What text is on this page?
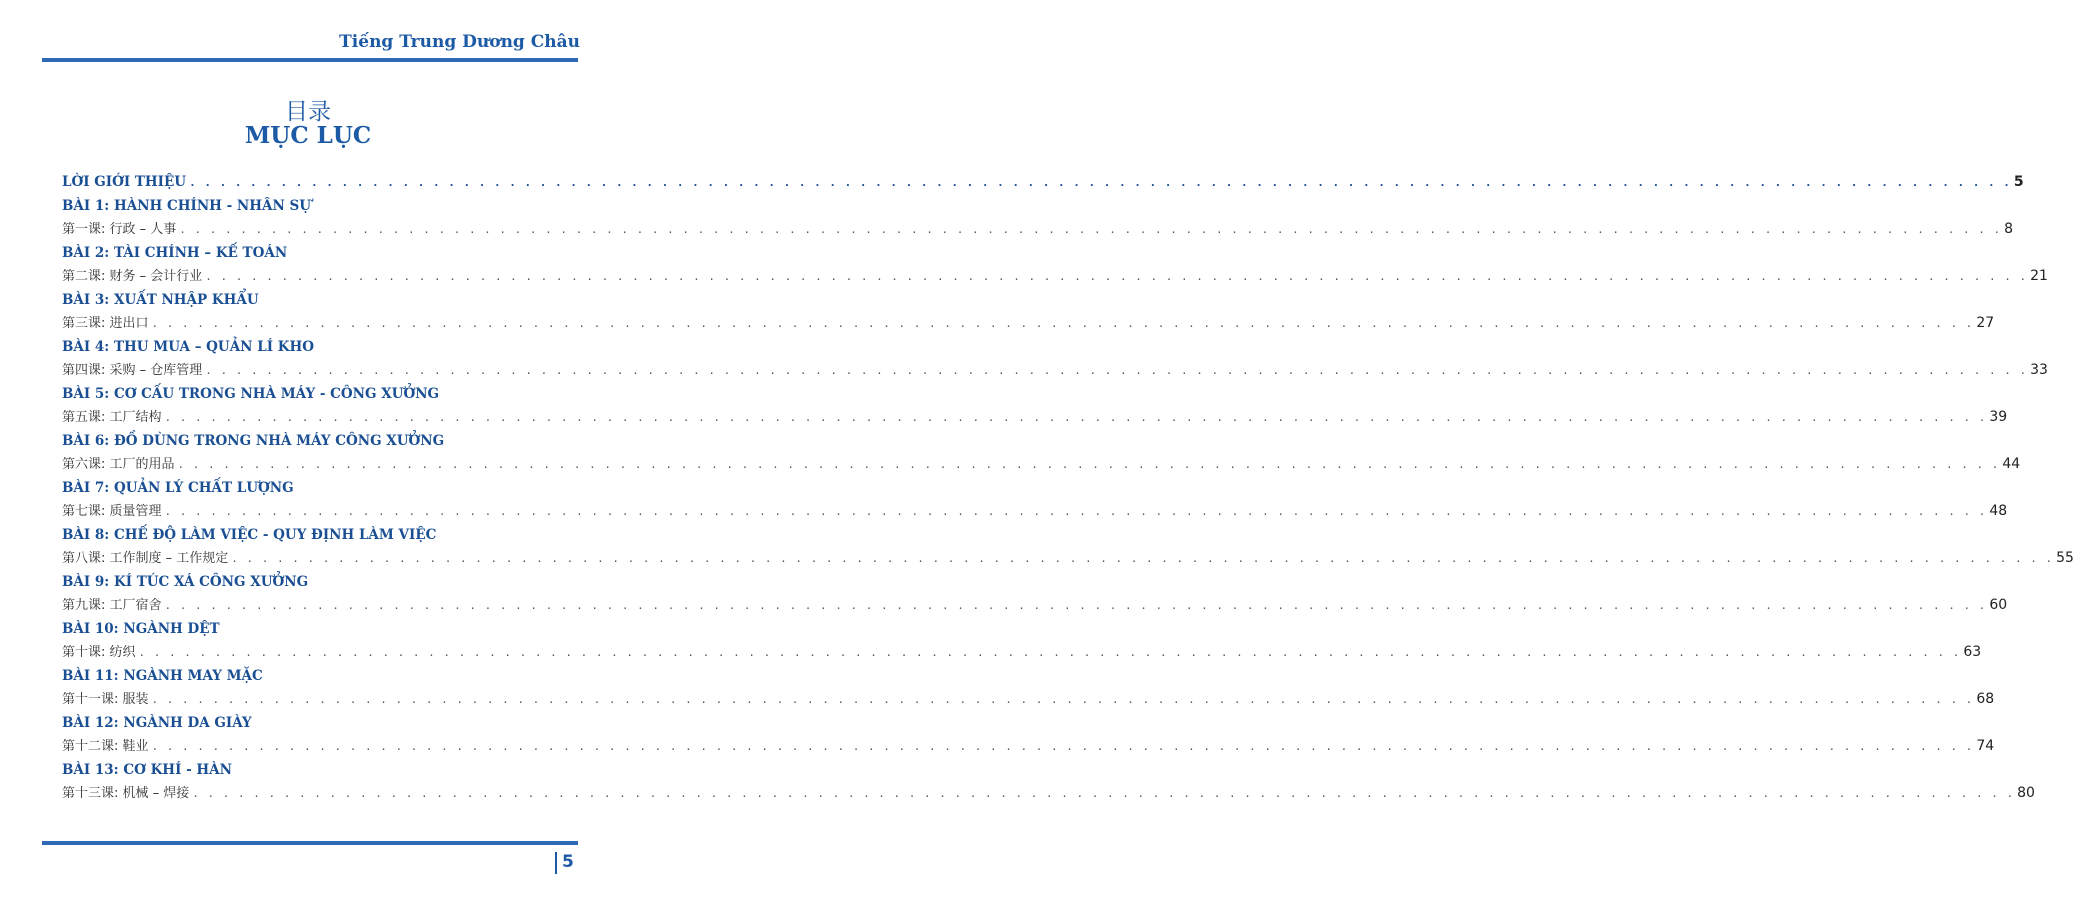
Tiếng Trung Dương Châu
目录
MỤC LỤC
LỜI GIỚI THIỆU . . . . . . . . . . . . . . . . . . . . . . . . . . . . . . . . . . . . . . . . . . . . . . . . . . . . . . . . . . . . . . . . . . . . . . . . . . . . . . . . . . . . . . . . . . . . . . . . . . . . . . . . . . . . . . . . . . . . . . . . 5
BÀI 1: HÀNH CHÍNH - NHÂN SỰ
第一课: 行政 – 人事 . . . . . . . . . . . . . . . . . . . . . . . . . . . . . . . . . . . . . . . . . . . . . . . . . . . . . . . . . . . . . . . . . . . . . . . . . . . . . . . . . . . . . . . . . . . . . . . . . . . . . . . . . . . . . . . . . . . . . . . . 8
BÀI 2: TÀI CHÍNH – KẾ TOÁN
第二课: 财务 – 会计行业 . . . . . . . . . . . . . . . . . . . . . . . . . . . . . . . . . . . . . . . . . . . . . . . . . . . . . . . . . . . . . . . . . . . . . . . . . . . . . . . . . . . . . . . . . . . . . . . . . . . . . . . . . . . . . . . . . . . . . . . . 21
BÀI 3: XUẤT NHẬP KHẨU
第三课: 进出口 . . . . . . . . . . . . . . . . . . . . . . . . . . . . . . . . . . . . . . . . . . . . . . . . . . . . . . . . . . . . . . . . . . . . . . . . . . . . . . . . . . . . . . . . . . . . . . . . . . . . . . . . . . . . . . . . . . . . . . . . 27
BÀI 4: THU MUA – QUẢN LÍ KHO
第四课: 采购 – 仓库管理 . . . . . . . . . . . . . . . . . . . . . . . . . . . . . . . . . . . . . . . . . . . . . . . . . . . . . . . . . . . . . . . . . . . . . . . . . . . . . . . . . . . . . . . . . . . . . . . . . . . . . . . . . . . . . . . . . . . . . . . . 33
BÀI 5: CƠ CẤU TRONG NHÀ MÁY - CÔNG XƯỞNG
第五课: 工厂结构 . . . . . . . . . . . . . . . . . . . . . . . . . . . . . . . . . . . . . . . . . . . . . . . . . . . . . . . . . . . . . . . . . . . . . . . . . . . . . . . . . . . . . . . . . . . . . . . . . . . . . . . . . . . . . . . . . . . . . . . . 39
BÀI 6: ĐỒ DÙNG TRONG NHÀ MÁY CÔNG XƯỞNG
第六课: 工厂的用品 . . . . . . . . . . . . . . . . . . . . . . . . . . . . . . . . . . . . . . . . . . . . . . . . . . . . . . . . . . . . . . . . . . . . . . . . . . . . . . . . . . . . . . . . . . . . . . . . . . . . . . . . . . . . . . . . . . . . . . . . 44
BÀI 7: QUẢN LÝ CHẤT LƯỢNG
第七课: 质量管理 . . . . . . . . . . . . . . . . . . . . . . . . . . . . . . . . . . . . . . . . . . . . . . . . . . . . . . . . . . . . . . . . . . . . . . . . . . . . . . . . . . . . . . . . . . . . . . . . . . . . . . . . . . . . . . . . . . . . . . . . 48
BÀI 8: CHẾ ĐỘ LÀM VIỆC - QUY ĐỊNH LÀM VIỆC
第八课: 工作制度 – 工作规定 . . . . . . . . . . . . . . . . . . . . . . . . . . . . . . . . . . . . . . . . . . . . . . . . . . . . . . . . . . . . . . . . . . . . . . . . . . . . . . . . . . . . . . . . . . . . . . . . . . . . . . . . . . . . . . . . . . . . . . . . 55
BÀI 9: KÍ TÚC XÁ CÔNG XƯỞNG
第九课: 工厂宿舍 . . . . . . . . . . . . . . . . . . . . . . . . . . . . . . . . . . . . . . . . . . . . . . . . . . . . . . . . . . . . . . . . . . . . . . . . . . . . . . . . . . . . . . . . . . . . . . . . . . . . . . . . . . . . . . . . . . . . . . . . 60
BÀI 10: NGÀNH DỆT
第十课: 纺织 . . . . . . . . . . . . . . . . . . . . . . . . . . . . . . . . . . . . . . . . . . . . . . . . . . . . . . . . . . . . . . . . . . . . . . . . . . . . . . . . . . . . . . . . . . . . . . . . . . . . . . . . . . . . . . . . . . . . . . . . 63
BÀI 11: NGÀNH MAY MẶC
第十一课: 服装 . . . . . . . . . . . . . . . . . . . . . . . . . . . . . . . . . . . . . . . . . . . . . . . . . . . . . . . . . . . . . . . . . . . . . . . . . . . . . . . . . . . . . . . . . . . . . . . . . . . . . . . . . . . . . . . . . . . . . . . . 68
BÀI 12: NGÀNH DA GIÀY
第十二课: 鞋业 . . . . . . . . . . . . . . . . . . . . . . . . . . . . . . . . . . . . . . . . . . . . . . . . . . . . . . . . . . . . . . . . . . . . . . . . . . . . . . . . . . . . . . . . . . . . . . . . . . . . . . . . . . . . . . . . . . . . . . . . 74
BÀI 13: CƠ KHÍ - HÀN
第十三课: 机械 – 焊接 . . . . . . . . . . . . . . . . . . . . . . . . . . . . . . . . . . . . . . . . . . . . . . . . . . . . . . . . . . . . . . . . . . . . . . . . . . . . . . . . . . . . . . . . . . . . . . . . . . . . . . . . . . . . . . . . . . . . . . . . 80
5
